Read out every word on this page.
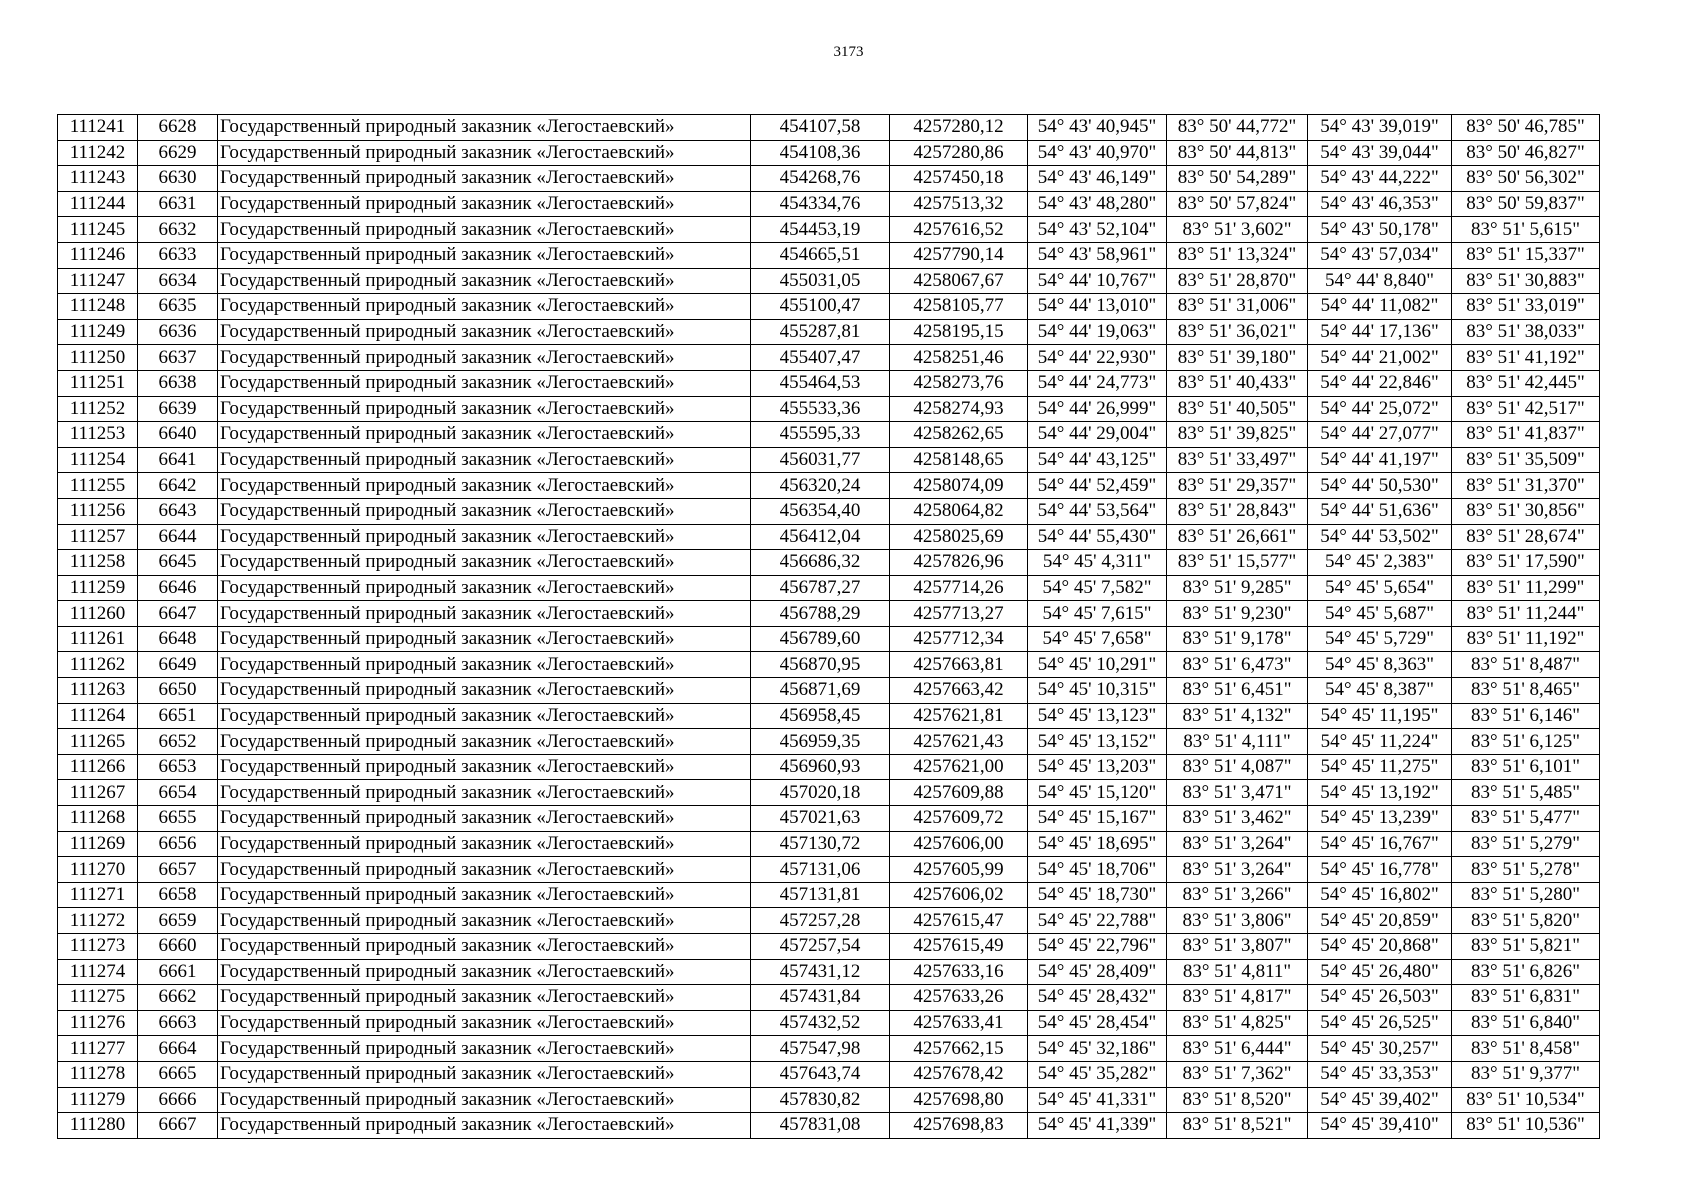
3173
111241	6628	Государственный природный заказник «Легостаевский»	454107,58	4257280,12	54° 43' 40,945"	83° 50' 44,772"	54° 43' 39,019"	83° 50' 46,785"
111242	6629	Государственный природный заказник «Легостаевский»	454108,36	4257280,86	54° 43' 40,970"	83° 50' 44,813"	54° 43' 39,044"	83° 50' 46,827"
111243	6630	Государственный природный заказник «Легостаевский»	454268,76	4257450,18	54° 43' 46,149"	83° 50' 54,289"	54° 43' 44,222"	83° 50' 56,302"
111244	6631	Государственный природный заказник «Легостаевский»	454334,76	4257513,32	54° 43' 48,280"	83° 50' 57,824"	54° 43' 46,353"	83° 50' 59,837"
111245	6632	Государственный природный заказник «Легостаевский»	454453,19	4257616,52	54° 43' 52,104"	83° 51' 3,602"	54° 43' 50,178"	83° 51' 5,615"
111246	6633	Государственный природный заказник «Легостаевский»	454665,51	4257790,14	54° 43' 58,961"	83° 51' 13,324"	54° 43' 57,034"	83° 51' 15,337"
111247	6634	Государственный природный заказник «Легостаевский»	455031,05	4258067,67	54° 44' 10,767"	83° 51' 28,870"	54° 44' 8,840"	83° 51' 30,883"
111248	6635	Государственный природный заказник «Легостаевский»	455100,47	4258105,77	54° 44' 13,010"	83° 51' 31,006"	54° 44' 11,082"	83° 51' 33,019"
111249	6636	Государственный природный заказник «Легостаевский»	455287,81	4258195,15	54° 44' 19,063"	83° 51' 36,021"	54° 44' 17,136"	83° 51' 38,033"
111250	6637	Государственный природный заказник «Легостаевский»	455407,47	4258251,46	54° 44' 22,930"	83° 51' 39,180"	54° 44' 21,002"	83° 51' 41,192"
111251	6638	Государственный природный заказник «Легостаевский»	455464,53	4258273,76	54° 44' 24,773"	83° 51' 40,433"	54° 44' 22,846"	83° 51' 42,445"
111252	6639	Государственный природный заказник «Легостаевский»	455533,36	4258274,93	54° 44' 26,999"	83° 51' 40,505"	54° 44' 25,072"	83° 51' 42,517"
111253	6640	Государственный природный заказник «Легостаевский»	455595,33	4258262,65	54° 44' 29,004"	83° 51' 39,825"	54° 44' 27,077"	83° 51' 41,837"
111254	6641	Государственный природный заказник «Легостаевский»	456031,77	4258148,65	54° 44' 43,125"	83° 51' 33,497"	54° 44' 41,197"	83° 51' 35,509"
111255	6642	Государственный природный заказник «Легостаевский»	456320,24	4258074,09	54° 44' 52,459"	83° 51' 29,357"	54° 44' 50,530"	83° 51' 31,370"
111256	6643	Государственный природный заказник «Легостаевский»	456354,40	4258064,82	54° 44' 53,564"	83° 51' 28,843"	54° 44' 51,636"	83° 51' 30,856"
111257	6644	Государственный природный заказник «Легостаевский»	456412,04	4258025,69	54° 44' 55,430"	83° 51' 26,661"	54° 44' 53,502"	83° 51' 28,674"
111258	6645	Государственный природный заказник «Легостаевский»	456686,32	4257826,96	54° 45' 4,311"	83° 51' 15,577"	54° 45' 2,383"	83° 51' 17,590"
111259	6646	Государственный природный заказник «Легостаевский»	456787,27	4257714,26	54° 45' 7,582"	83° 51' 9,285"	54° 45' 5,654"	83° 51' 11,299"
111260	6647	Государственный природный заказник «Легостаевский»	456788,29	4257713,27	54° 45' 7,615"	83° 51' 9,230"	54° 45' 5,687"	83° 51' 11,244"
111261	6648	Государственный природный заказник «Легостаевский»	456789,60	4257712,34	54° 45' 7,658"	83° 51' 9,178"	54° 45' 5,729"	83° 51' 11,192"
111262	6649	Государственный природный заказник «Легостаевский»	456870,95	4257663,81	54° 45' 10,291"	83° 51' 6,473"	54° 45' 8,363"	83° 51' 8,487"
111263	6650	Государственный природный заказник «Легостаевский»	456871,69	4257663,42	54° 45' 10,315"	83° 51' 6,451"	54° 45' 8,387"	83° 51' 8,465"
111264	6651	Государственный природный заказник «Легостаевский»	456958,45	4257621,81	54° 45' 13,123"	83° 51' 4,132"	54° 45' 11,195"	83° 51' 6,146"
111265	6652	Государственный природный заказник «Легостаевский»	456959,35	4257621,43	54° 45' 13,152"	83° 51' 4,111"	54° 45' 11,224"	83° 51' 6,125"
111266	6653	Государственный природный заказник «Легостаевский»	456960,93	4257621,00	54° 45' 13,203"	83° 51' 4,087"	54° 45' 11,275"	83° 51' 6,101"
111267	6654	Государственный природный заказник «Легостаевский»	457020,18	4257609,88	54° 45' 15,120"	83° 51' 3,471"	54° 45' 13,192"	83° 51' 5,485"
111268	6655	Государственный природный заказник «Легостаевский»	457021,63	4257609,72	54° 45' 15,167"	83° 51' 3,462"	54° 45' 13,239"	83° 51' 5,477"
111269	6656	Государственный природный заказник «Легостаевский»	457130,72	4257606,00	54° 45' 18,695"	83° 51' 3,264"	54° 45' 16,767"	83° 51' 5,279"
111270	6657	Государственный природный заказник «Легостаевский»	457131,06	4257605,99	54° 45' 18,706"	83° 51' 3,264"	54° 45' 16,778"	83° 51' 5,278"
111271	6658	Государственный природный заказник «Легостаевский»	457131,81	4257606,02	54° 45' 18,730"	83° 51' 3,266"	54° 45' 16,802"	83° 51' 5,280"
111272	6659	Государственный природный заказник «Легостаевский»	457257,28	4257615,47	54° 45' 22,788"	83° 51' 3,806"	54° 45' 20,859"	83° 51' 5,820"
111273	6660	Государственный природный заказник «Легостаевский»	457257,54	4257615,49	54° 45' 22,796"	83° 51' 3,807"	54° 45' 20,868"	83° 51' 5,821"
111274	6661	Государственный природный заказник «Легостаевский»	457431,12	4257633,16	54° 45' 28,409"	83° 51' 4,811"	54° 45' 26,480"	83° 51' 6,826"
111275	6662	Государственный природный заказник «Легостаевский»	457431,84	4257633,26	54° 45' 28,432"	83° 51' 4,817"	54° 45' 26,503"	83° 51' 6,831"
111276	6663	Государственный природный заказник «Легостаевский»	457432,52	4257633,41	54° 45' 28,454"	83° 51' 4,825"	54° 45' 26,525"	83° 51' 6,840"
111277	6664	Государственный природный заказник «Легостаевский»	457547,98	4257662,15	54° 45' 32,186"	83° 51' 6,444"	54° 45' 30,257"	83° 51' 8,458"
111278	6665	Государственный природный заказник «Легостаевский»	457643,74	4257678,42	54° 45' 35,282"	83° 51' 7,362"	54° 45' 33,353"	83° 51' 9,377"
111279	6666	Государственный природный заказник «Легостаевский»	457830,82	4257698,80	54° 45' 41,331"	83° 51' 8,520"	54° 45' 39,402"	83° 51' 10,534"
111280	6667	Государственный природный заказник «Легостаевский»	457831,08	4257698,83	54° 45' 41,339"	83° 51' 8,521"	54° 45' 39,410"	83° 51' 10,536"
